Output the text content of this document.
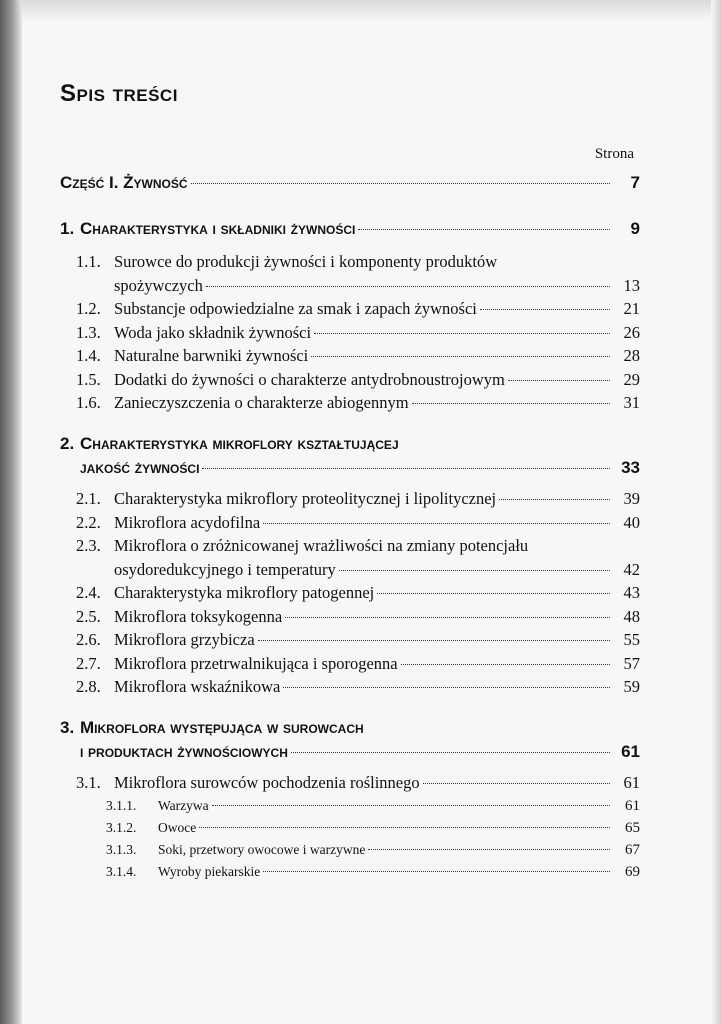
Spis treści
Strona
Część I. Żywność	7
1. Charakterystyka i składniki żywności	9
1.1. Surowce do produkcji żywności i komponenty produktów
spożywczych	13
1.2. Substancje odpowiedzialne za smak i zapach żywności	21
1.3. Woda jako składnik żywności	26
1.4. Naturalne barwniki żywności	28
1.5. Dodatki do żywności o charakterze antydrobnoustrojowym	29
1.6. Zanieczyszczenia o charakterze abiogennym	31
2. Charakterystyka mikroflory kształtującej
jakość żywności	33
2.1. Charakterystyka mikroflory proteolitycznej i lipolitycznej	39
2.2. Mikroflora acydofilna	40
2.3. Mikroflora o zróżnicowanej wrażliwości na zmiany potencjału
osydoredukcyjnego i temperatury	42
2.4. Charakterystyka mikroflory patogennej	43
2.5. Mikroflora toksykogenna	48
2.6. Mikroflora grzybicza	55
2.7. Mikroflora przetrwalnikująca i sporogenna	57
2.8. Mikroflora wskaźnikowa	59
3. Mikroflora występująca w surowcach
i produktach żywnościowych	61
3.1. Mikroflora surowców pochodzenia roślinnego	61
3.1.1.	Warzywa	61
3.1.2.	Owoce	65
3.1.3.	Soki, przetwory owocowe i warzywne	67
3.1.4.	Wyroby piekarskie	69
